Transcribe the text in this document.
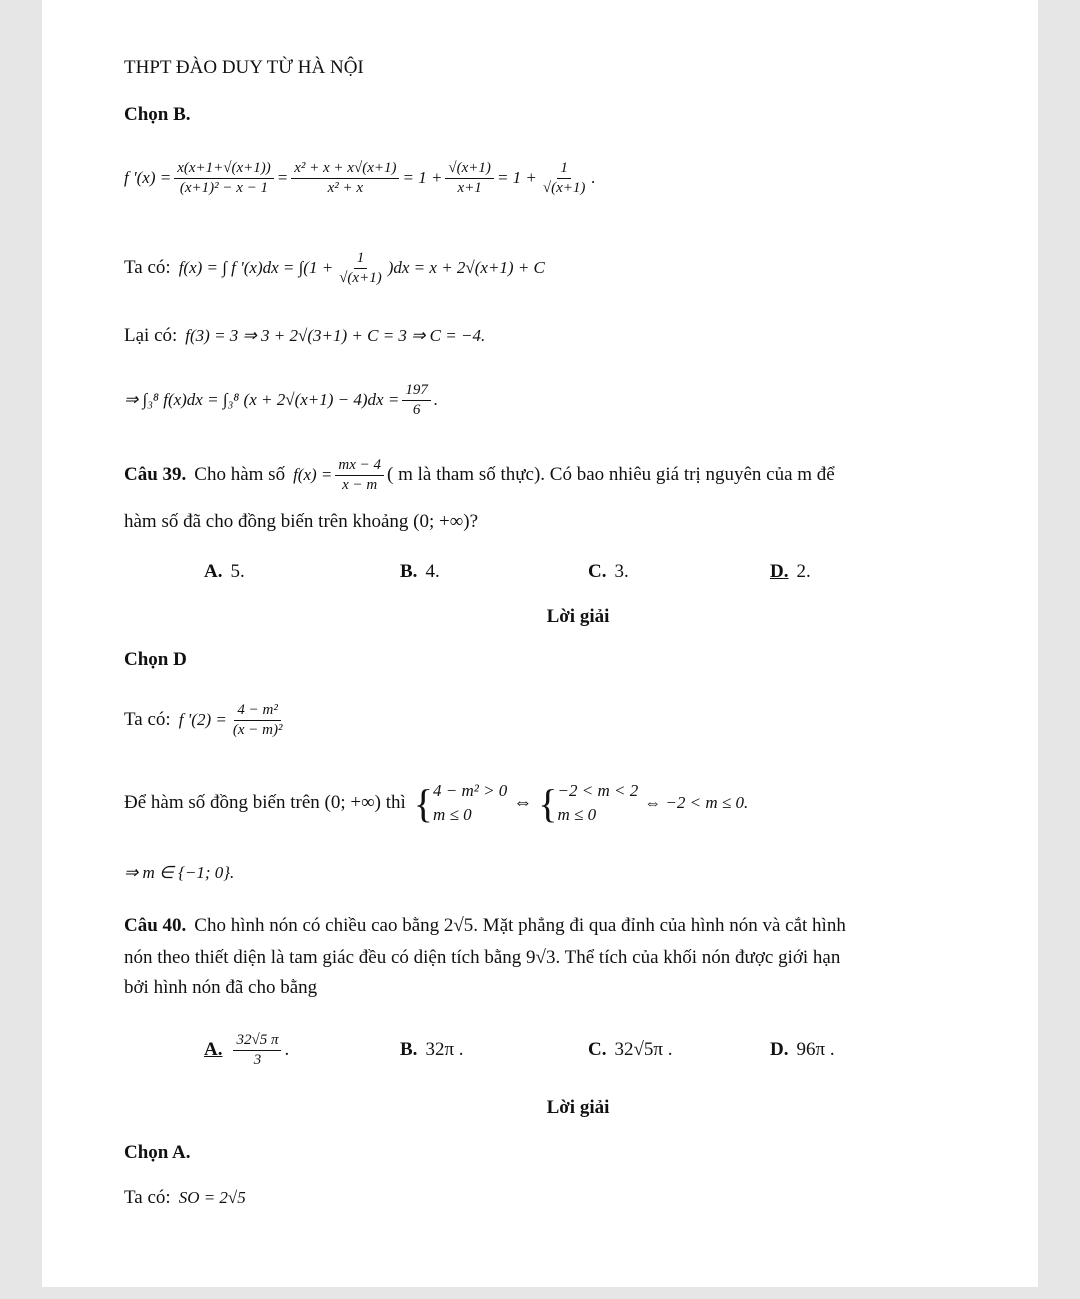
THPT ĐÀO DUY TỪ HÀ NỘI
Chọn B.
f '$(x) = \frac{x(x+1+√(x+1))}{\text{(x+1)² − x − 1}} = \frac{\text{x² + x + x√(x+1)}}{\text{x² + x}} = 1 + \frac{√(x+1)}{x+1} = 1 + \frac{1}{√(x+1)}$ .
Ta có: f(x) = ∫ f '$(x)dx = \int(1 + \frac{1}{√(x+1)} )dx = x + 2√(x+1) + C$
Lại có: f(3) = 3 ⇒ 3 + 2√(3+1) + C = 3 ⇒ C = −4.
⇒ ∫₃⁸ f(x)dx = ∫₃⁸ $(x + 2√(x+1) - 4)dx = \frac{197}{6}$ .
Câu 39. Cho hàm số $f(x) = \frac{mx - 4}{x - m}$ ( m là tham số thực). Có bao nhiêu giá trị nguyên của m để
hàm số đã cho đồng biến trên khoảng (0; +∞)?
A. 5.	B. 4.	C. 3.	D. 2.
Lời giải
Chọn D
Ta có: f '$(2) = \frac{\text{4 − m²}}{\text{(x − m)²}}$
Để hàm số đồng biến trên (0; +∞) thì { 4 − m² > 0
m ≤ 0
⇔ { −2 < m < 2
m ≤ 0
⇔ −2 < m ≤ 0.
⇒ m ∈ {−1; 0}.
Câu 40. Cho hình nón có chiều cao bằng 2√5. Mặt phẳng đi qua đỉnh của hình nón và cắt hình
nón theo thiết diện là tam giác đều có diện tích bằng 9√3. Thể tích của khối nón được giới hạn
bởi hình nón đã cho bằng
A. $\frac{32√5 \pi}{3}$ .	B. 32π .	C. 32√5π .	D. 96π .
Lời giải
Chọn A.
Ta có: SO = 2√5
